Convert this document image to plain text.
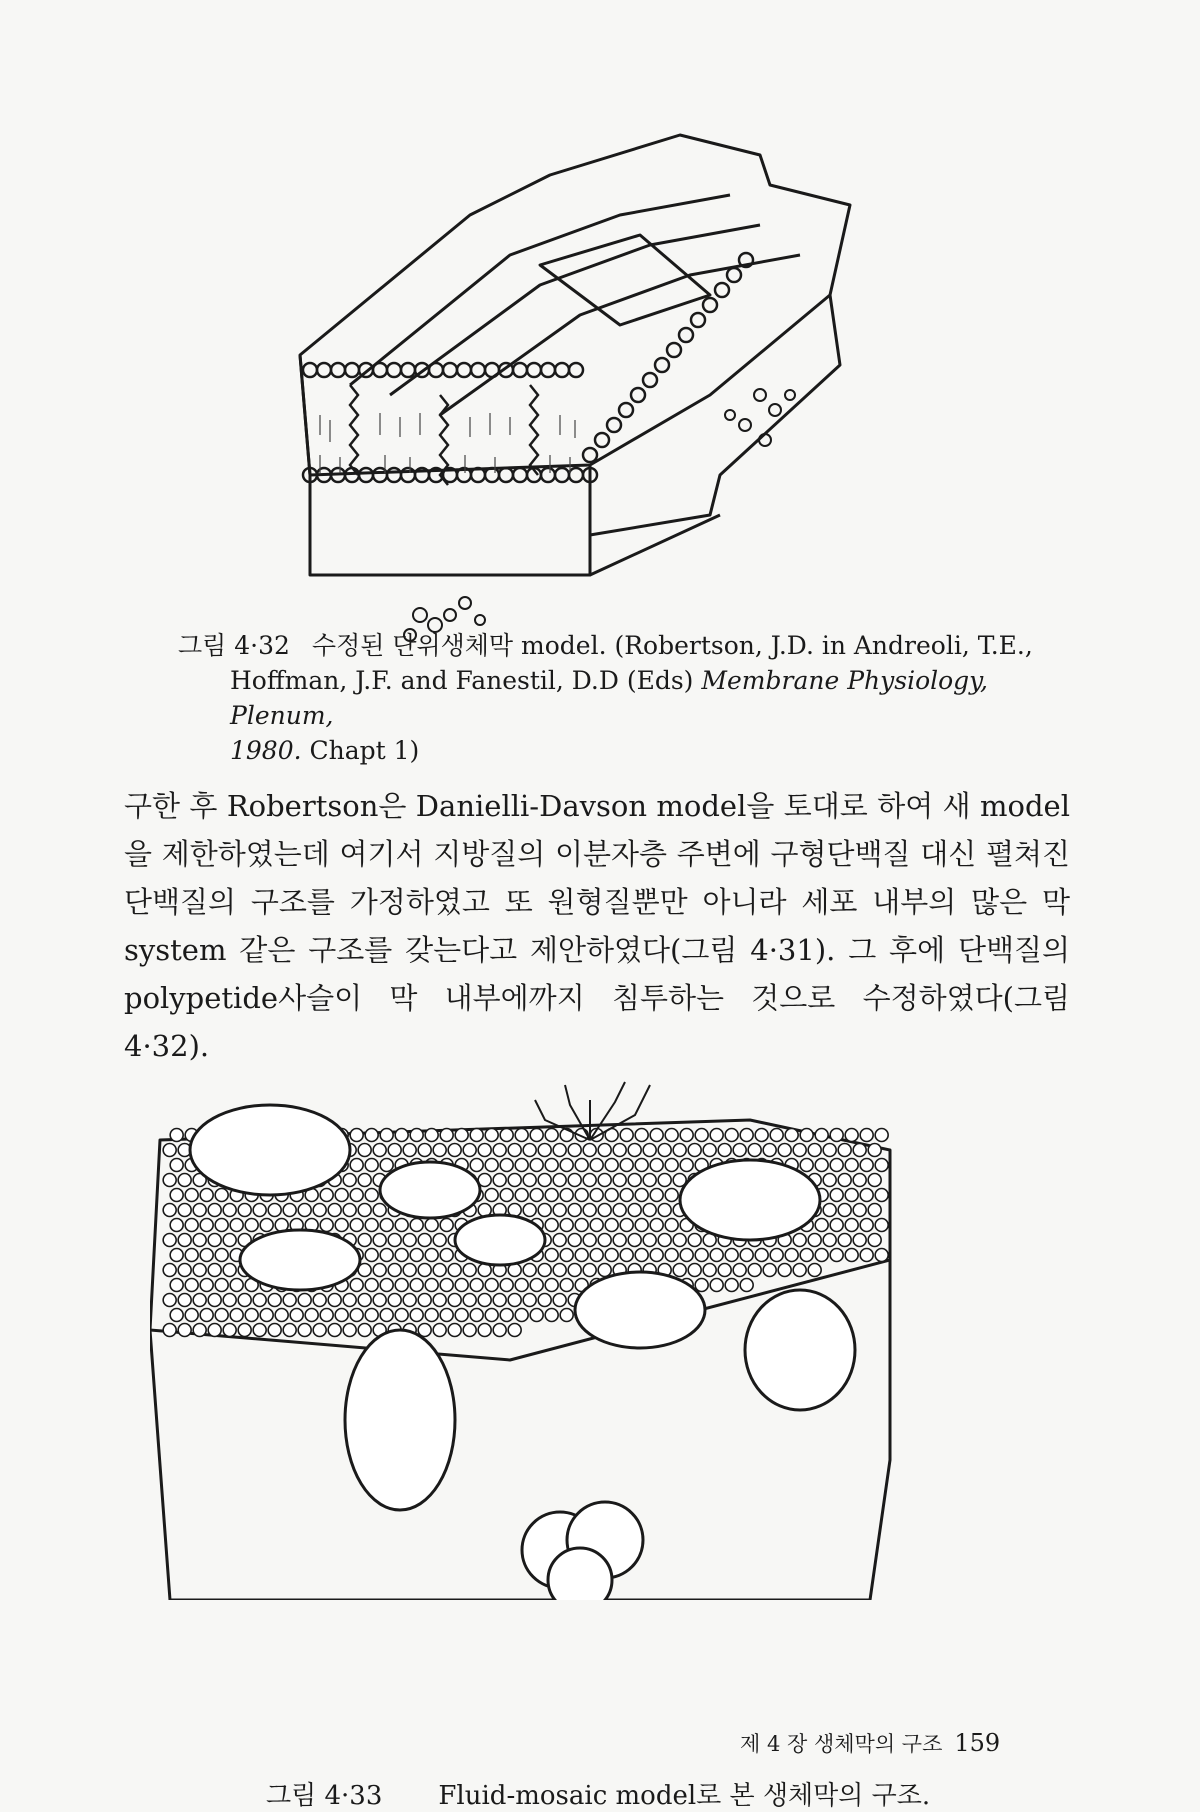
그림 4·32 수정된 단위생체막 model. (Robertson, J.D. in Andreoli, T.E.,
Hoffman, J.F. and Fanestil, D.D (Eds) Membrane Physiology, Plenum,
1980. Chapt 1)

구한 후 Robertson은 Danielli-Davson model을 토대로 하여 새 model을 제한하였는데 여기서 지방질의 이분자층 주변에 구형단백질 대신 펼쳐진 단백질의 구조를 가정하였고 또 원형질뿐만 아니라 세포 내부의 많은 막 system 같은 구조를 갖는다고 제안하였다(그림 4·31). 그 후에 단백질의 polypetide사슬이 막 내부에까지 침투하는 것으로 수정하였다(그림 4·32).

그림 4·33 Fluid-mosaic model로 본 생체막의 구조.
제 4 장 생체막의 구조 159
